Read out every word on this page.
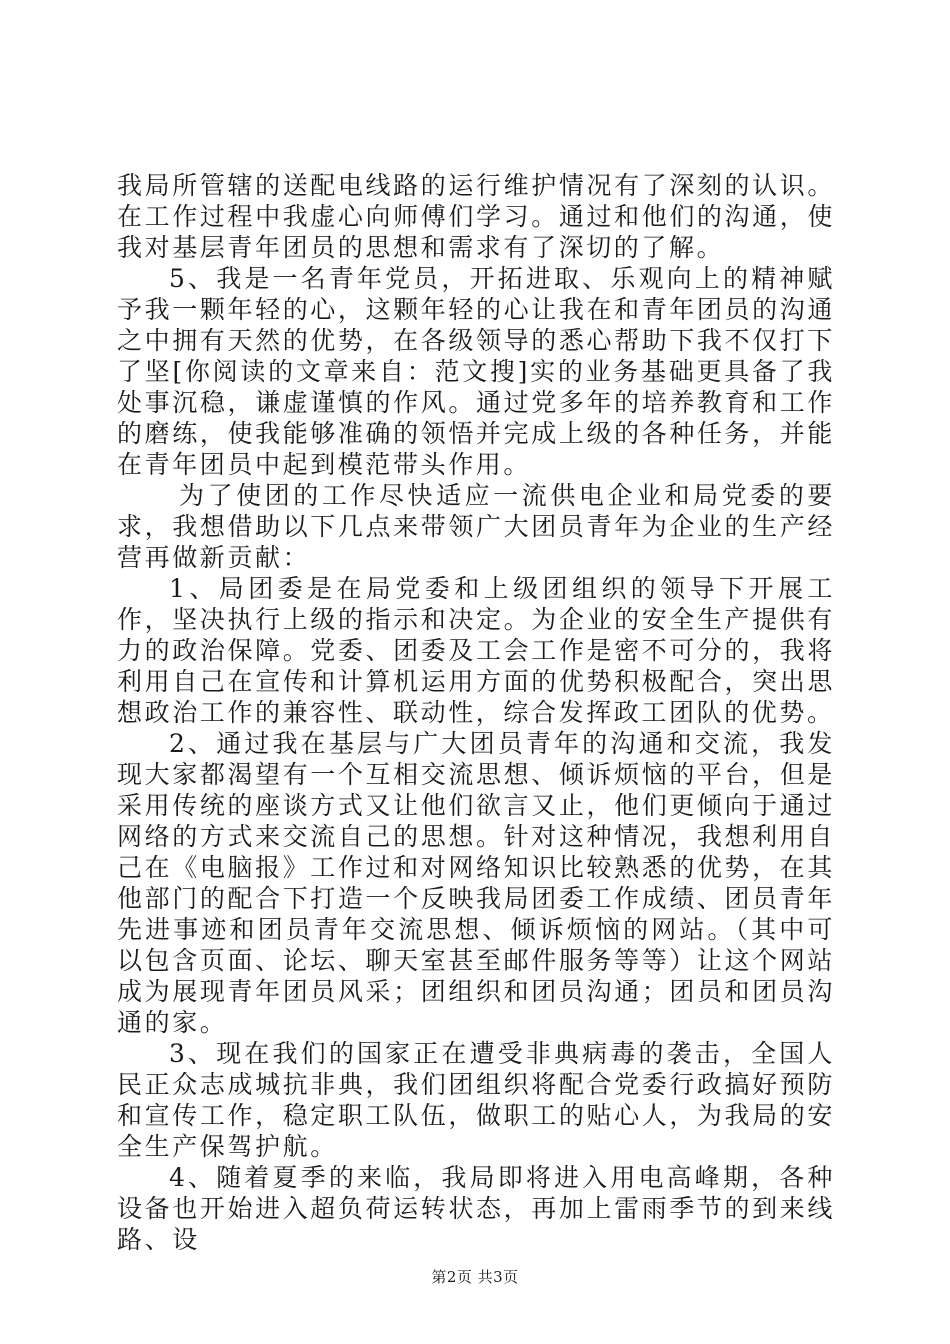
我局所管辖的送配电线路的运行维护情况有了深刻的认识。在工作过程中我虚心向师傅们学习。通过和他们的沟通，使我对基层青年团员的思想和需求有了深切的了解。

5、我是一名青年党员，开拓进取、乐观向上的精神赋予我一颗年轻的心，这颗年轻的心让我在和青年团员的沟通之中拥有天然的优势，在各级领导的悉心帮助下我不仅打下了坚[你阅读的文章来自：范文搜]实的业务基础更具备了我处事沉稳，谦虚谨慎的作风。通过党多年的培养教育和工作的磨练，使我能够准确的领悟并完成上级的各种任务，并能在青年团员中起到模范带头作用。

为了使团的工作尽快适应一流供电企业和局党委的要求，我想借助以下几点来带领广大团员青年为企业的生产经营再做新贡献：

1、局团委是在局党委和上级团组织的领导下开展工作，坚决执行上级的指示和决定。为企业的安全生产提供有力的政治保障。党委、团委及工会工作是密不可分的，我将利用自己在宣传和计算机运用方面的优势积极配合，突出思想政治工作的兼容性、联动性，综合发挥政工团队的优势。

2、通过我在基层与广大团员青年的沟通和交流，我发现大家都渴望有一个互相交流思想、倾诉烦恼的平台，但是采用传统的座谈方式又让他们欲言又止，他们更倾向于通过网络的方式来交流自己的思想。针对这种情况，我想利用自己在《电脑报》工作过和对网络知识比较熟悉的优势，在其他部门的配合下打造一个反映我局团委工作成绩、团员青年先进事迹和团员青年交流思想、倾诉烦恼的网站。（其中可以包含页面、论坛、聊天室甚至邮件服务等等）让这个网站成为展现青年团员风采；团组织和团员沟通；团员和团员沟通的家。

3、现在我们的国家正在遭受非典病毒的袭击，全国人民正众志成城抗非典，我们团组织将配合党委行政搞好预防和宣传工作，稳定职工队伍，做职工的贴心人，为我局的安全生产保驾护航。

4、随着夏季的来临，我局即将进入用电高峰期，各种设备也开始进入超负荷运转状态，再加上雷雨季节的到来线路、设

第2页 共3页
